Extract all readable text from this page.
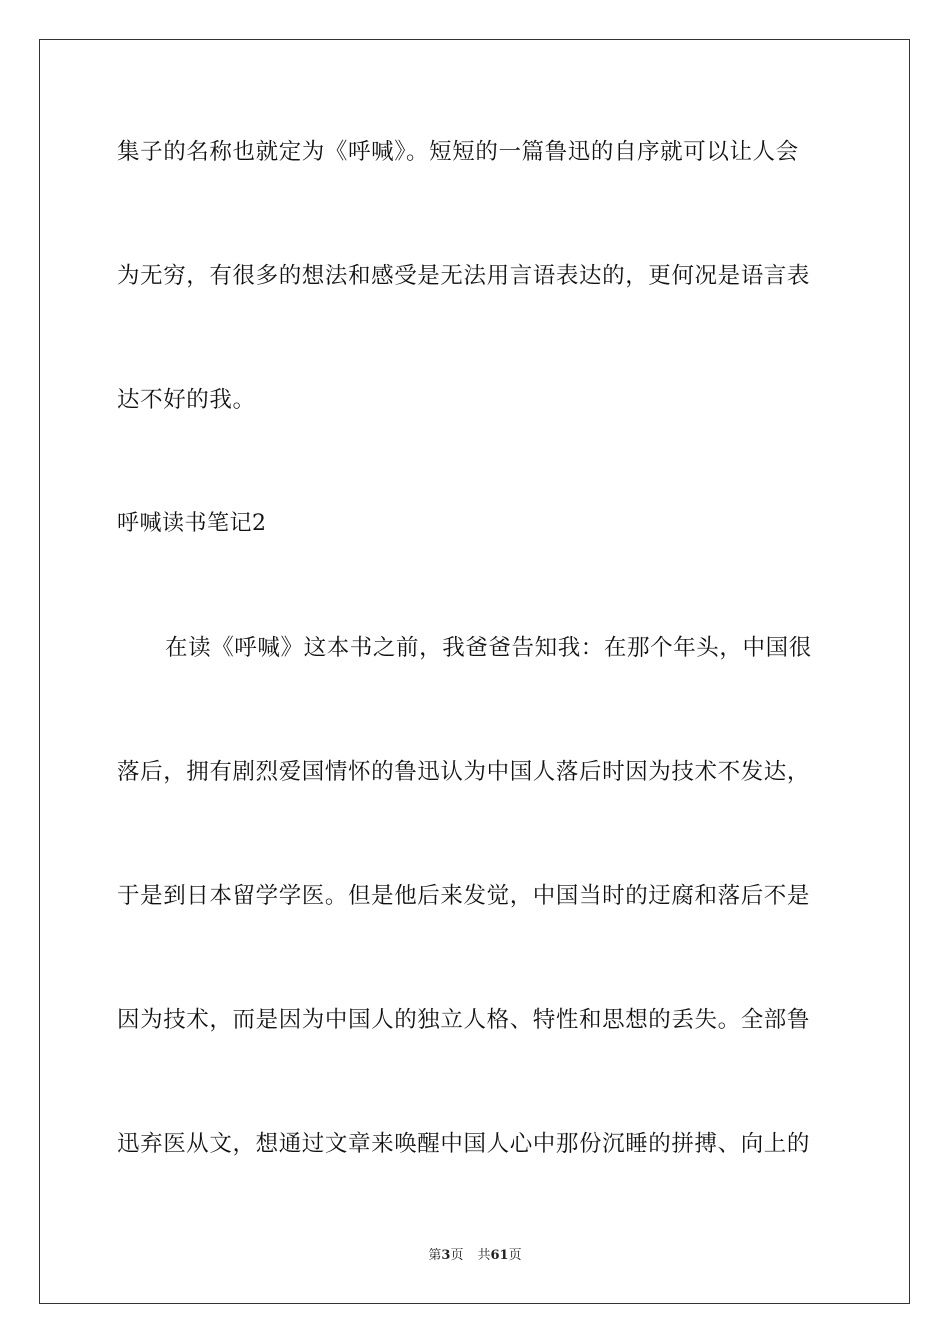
集子的名称也就定为《呼喊》。短短的一篇鲁迅的自序就可以让人会
为无穷，有很多的想法和感受是无法用言语表达的，更何况是语言表
达不好的我。
呼喊读书笔记2
在读《呼喊》这本书之前，我爸爸告知我：在那个年头，中国很
落后，拥有剧烈爱国情怀的鲁迅认为中国人落后时因为技术不发达，
于是到日本留学学医。但是他后来发觉，中国当时的迂腐和落后不是
因为技术，而是因为中国人的独立人格、特性和思想的丢失。全部鲁
迅弃医从文，想通过文章来唤醒中国人心中那份沉睡的拼搏、向上的
第3页 共61页
